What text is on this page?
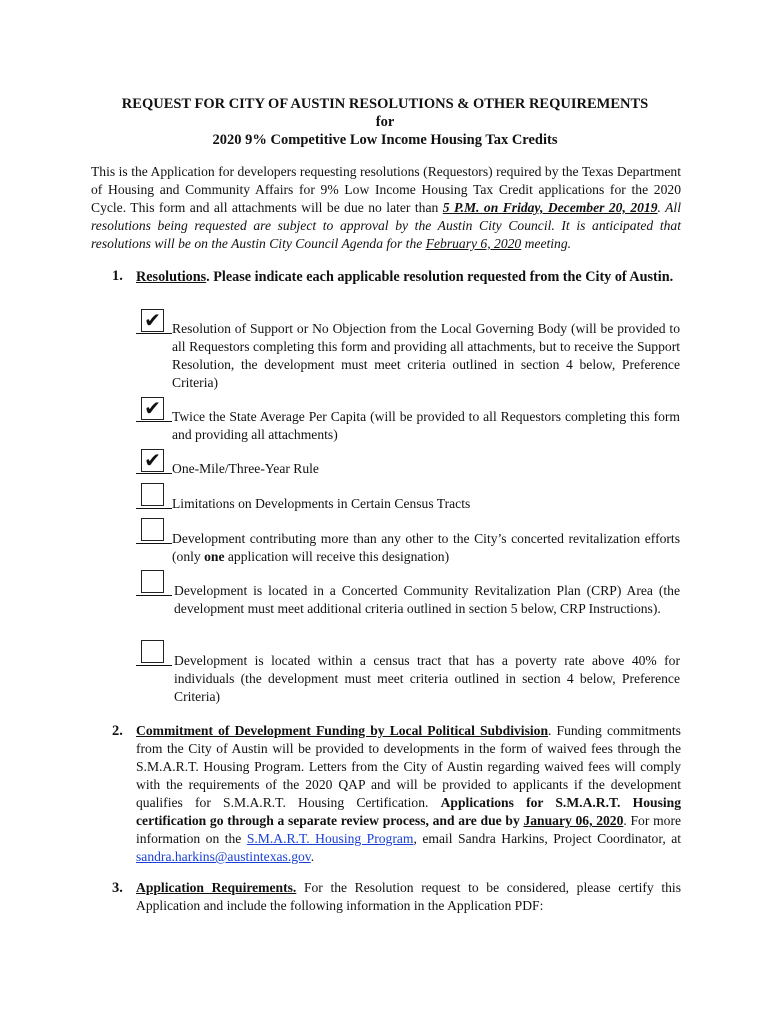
REQUEST FOR CITY OF AUSTIN RESOLUTIONS & OTHER REQUIREMENTS
for
2020 9% Competitive Low Income Housing Tax Credits
This is the Application for developers requesting resolutions (Requestors) required by the Texas Department of Housing and Community Affairs for 9% Low Income Housing Tax Credit applications for the 2020 Cycle. This form and all attachments will be due no later than 5 P.M. on Friday, December 20, 2019. All resolutions being requested are subject to approval by the Austin City Council. It is anticipated that resolutions will be on the Austin City Council Agenda for the February 6, 2020 meeting.
1. Resolutions. Please indicate each applicable resolution requested from the City of Austin.
✔ Resolution of Support or No Objection from the Local Governing Body (will be provided to all Requestors completing this form and providing all attachments, but to receive the Support Resolution, the development must meet criteria outlined in section 4 below, Preference Criteria)
✔ Twice the State Average Per Capita (will be provided to all Requestors completing this form and providing all attachments)
✔ One-Mile/Three-Year Rule
Limitations on Developments in Certain Census Tracts
Development contributing more than any other to the City’s concerted revitalization efforts (only one application will receive this designation)
Development is located in a Concerted Community Revitalization Plan (CRP) Area (the development must meet additional criteria outlined in section 5 below, CRP Instructions).
Development is located within a census tract that has a poverty rate above 40% for individuals (the development must meet criteria outlined in section 4 below, Preference Criteria)
2. Commitment of Development Funding by Local Political Subdivision. Funding commitments from the City of Austin will be provided to developments in the form of waived fees through the S.M.A.R.T. Housing Program. Letters from the City of Austin regarding waived fees will comply with the requirements of the 2020 QAP and will be provided to applicants if the development qualifies for S.M.A.R.T. Housing Certification. Applications for S.M.A.R.T. Housing certification go through a separate review process, and are due by January 06, 2020. For more information on the S.M.A.R.T. Housing Program, email Sandra Harkins, Project Coordinator, at sandra.harkins@austintexas.gov.
3. Application Requirements. For the Resolution request to be considered, please certify this Application and include the following information in the Application PDF:
